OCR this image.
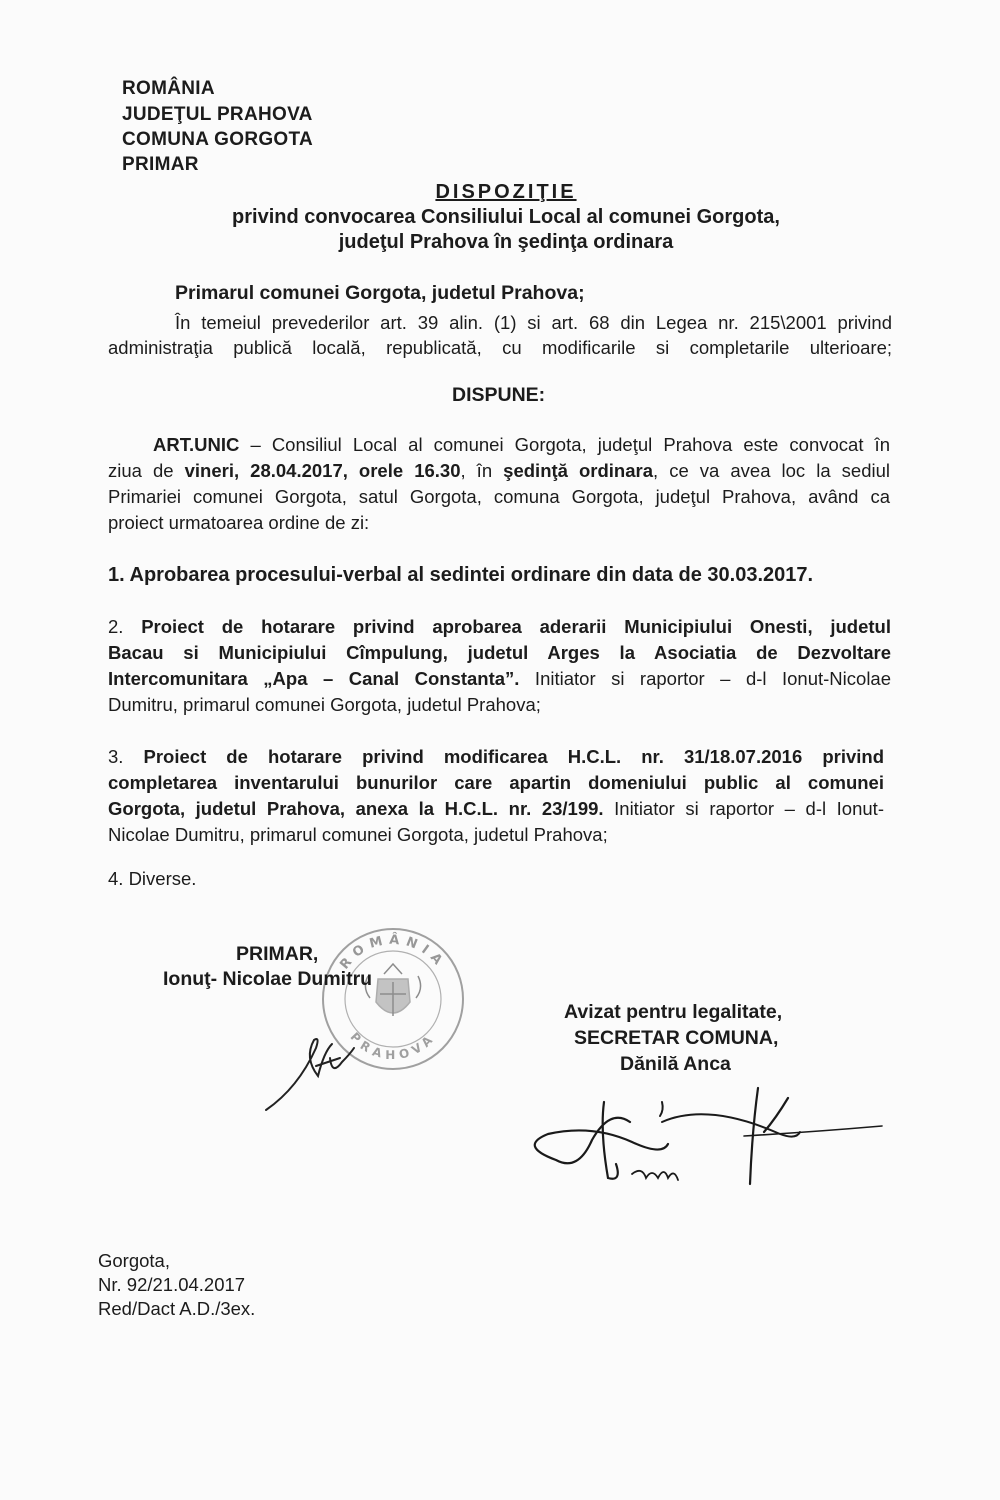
ROMÂNIA
JUDEŢUL PRAHOVA
COMUNA GORGOTA
PRIMAR
DISPOZIŢIE
privind convocarea Consiliului Local al comunei Gorgota,
judeţul Prahova în şedinţa ordinara
Primarul comunei Gorgota, judetul Prahova;
În temeiul prevederilor art. 39 alin. (1) si art. 68 din Legea nr. 215\2001 privind
administraţia publică locală, republicată, cu modificarile si completarile ulterioare;
DISPUNE:
ART.UNIC – Consiliul Local al comunei Gorgota, judeţul Prahova este convocat în
ziua de vineri, 28.04.2017, orele 16.30, în şedinţă ordinara, ce va avea loc la sediul
Primariei comunei Gorgota, satul Gorgota, comuna Gorgota, judeţul Prahova, având ca
proiect urmatoarea ordine de zi:
1. Aprobarea procesului-verbal al sedintei ordinare din data de 30.03.2017.
2. Proiect de hotarare privind aprobarea aderarii Municipiului Onesti, judetul
Bacau si Municipiului Cîmpulung, judetul Arges la Asociatia de Dezvoltare
Intercomunitara „Apa – Canal Constanta”. Initiator si raportor – d-l Ionut-Nicolae
Dumitru, primarul comunei Gorgota, judetul Prahova;
3. Proiect de hotarare privind modificarea H.C.L. nr. 31/18.07.2016 privind
completarea inventarului bunurilor care apartin domeniului public al comunei
Gorgota, judetul Prahova, anexa la H.C.L. nr. 23/199. Initiator si raportor – d-l Ionut-
Nicolae Dumitru, primarul comunei Gorgota, judetul Prahova;
4. Diverse.
ROMÂNIA
PRAHOVA
PRIMAR,
Ionuţ- Nicolae Dumitru
Avizat pentru legalitate,
SECRETAR COMUNA,
Dănilă Anca
Gorgota,
Nr. 92/21.04.2017
Red/Dact A.D./3ex.
